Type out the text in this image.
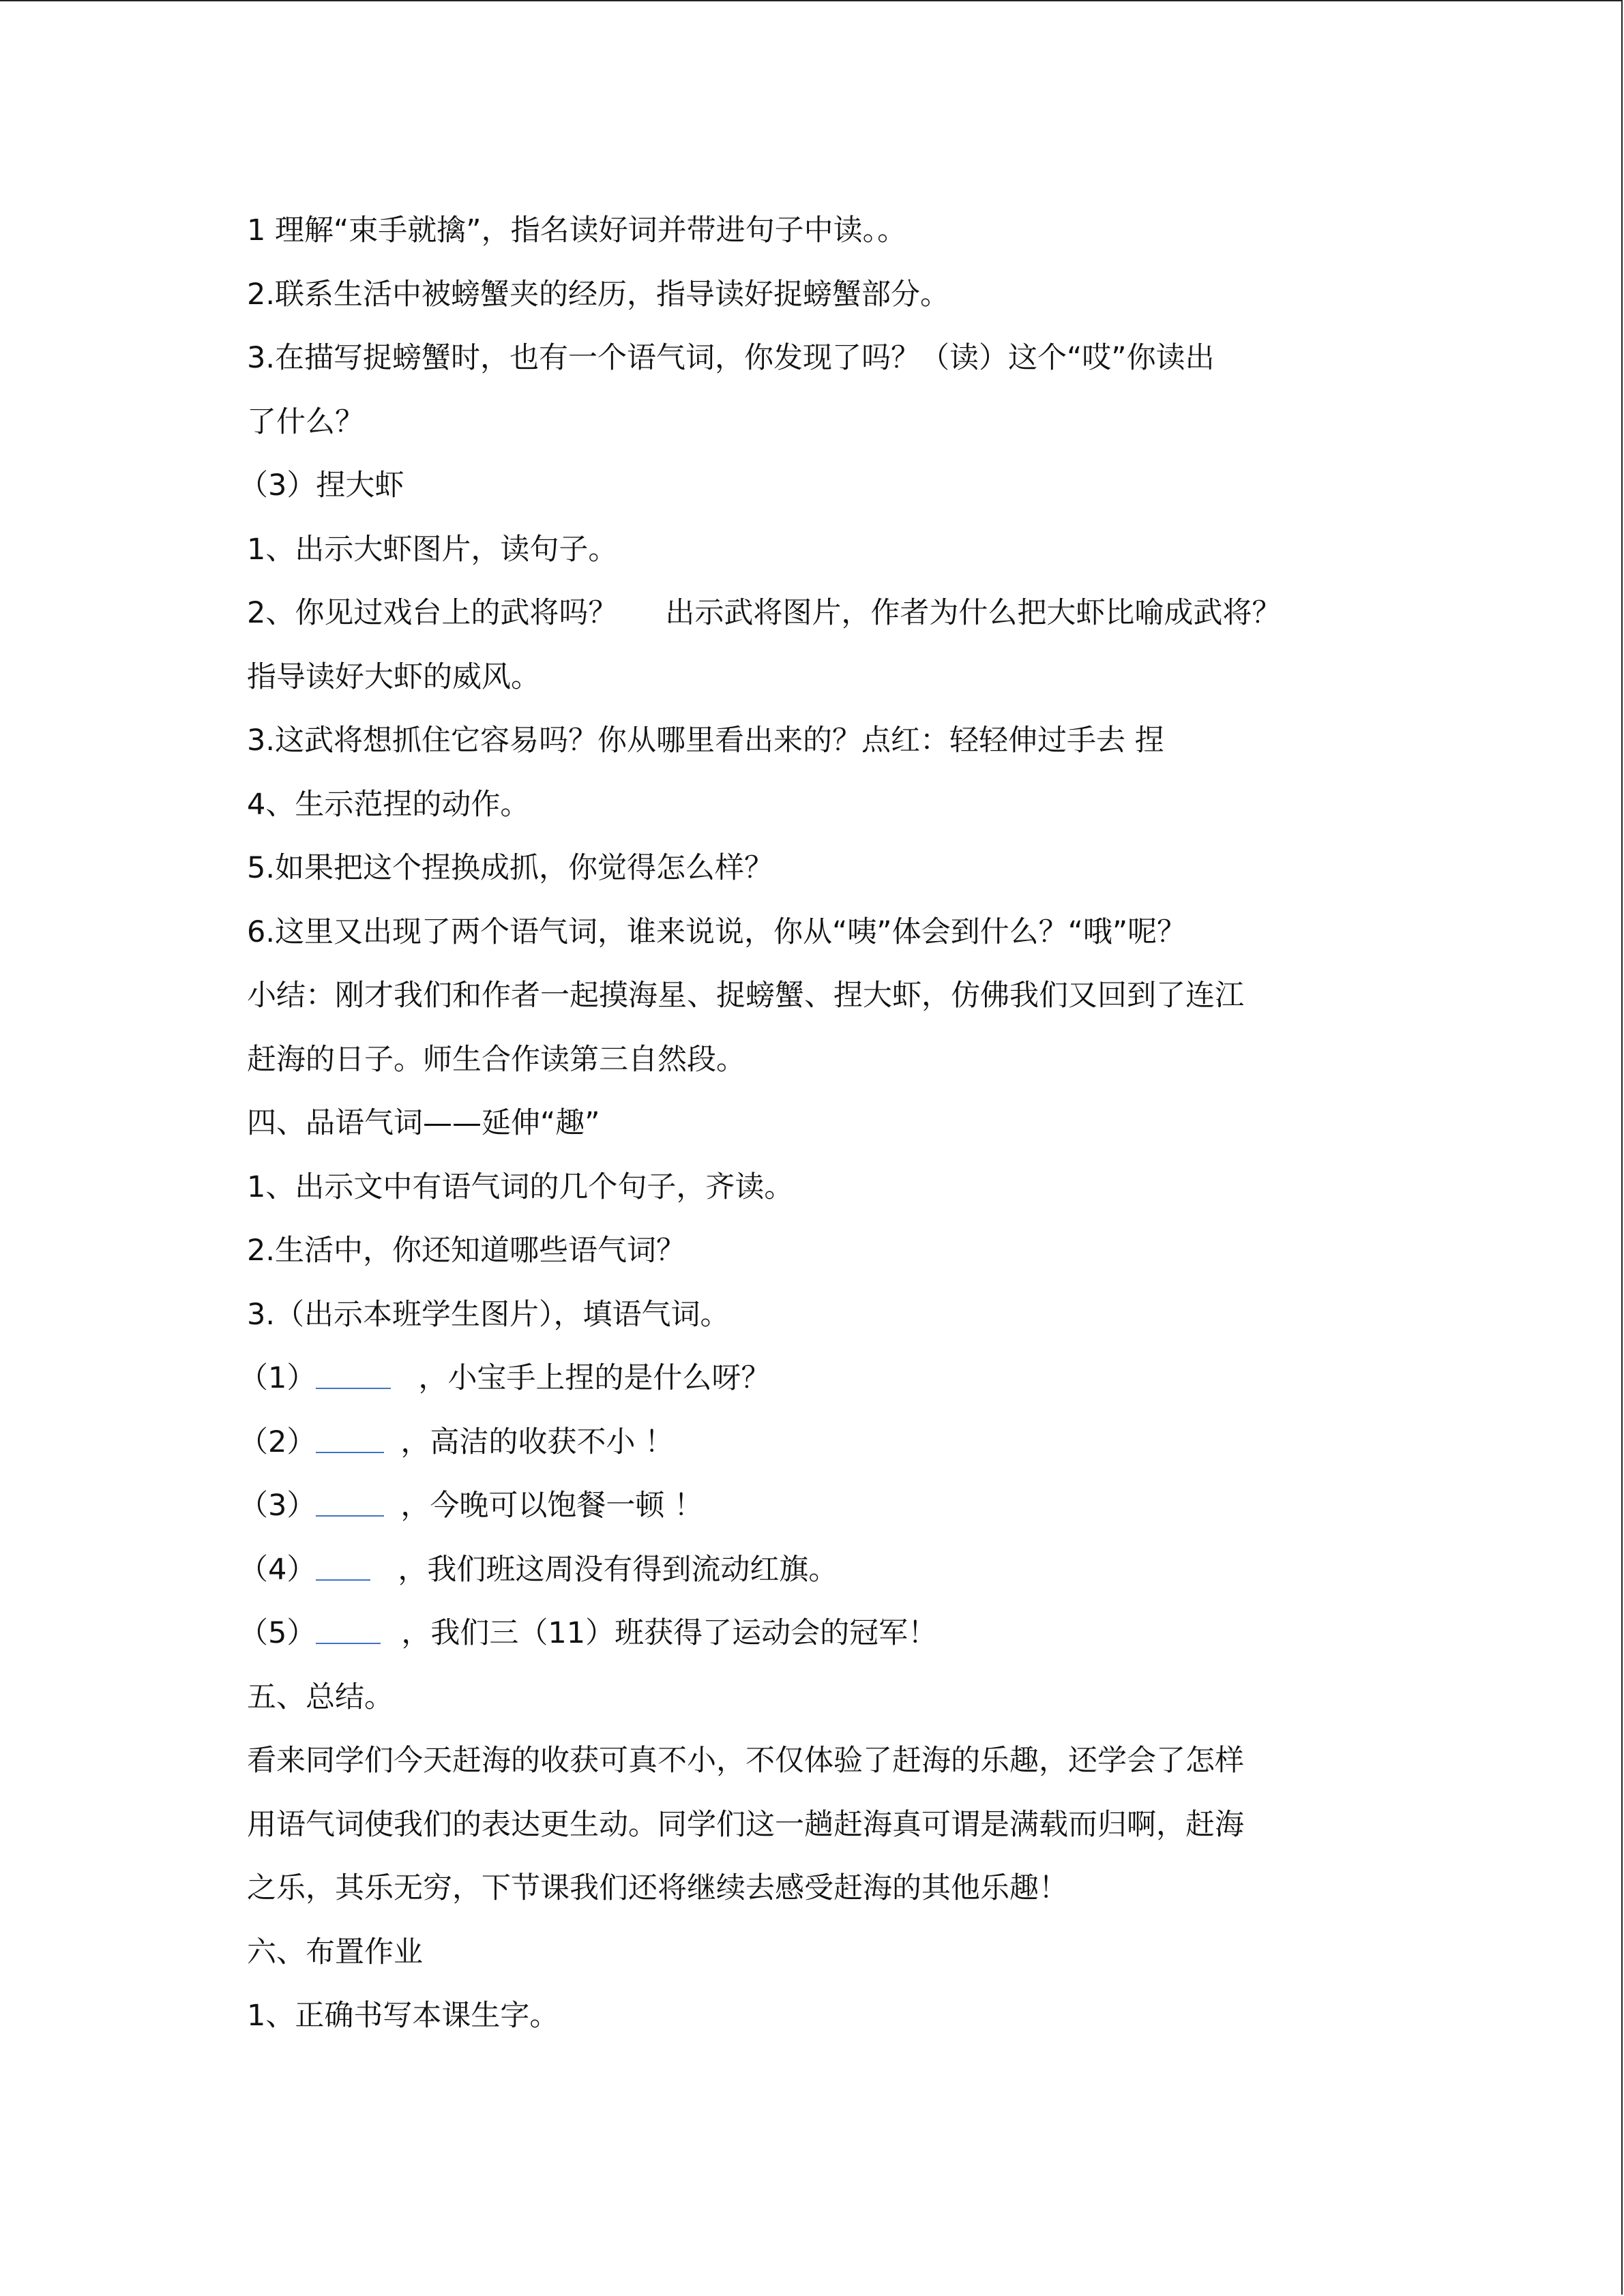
1 理解“束手就擒”，指名读好词并带进句子中读。。
2.联系生活中被螃蟹夹的经历，指导读好捉螃蟹部分。
3.在描写捉螃蟹时，也有一个语气词，你发现了吗？（读）这个“哎”你读出
了什么？
（3）捏大虾
1、出示大虾图片，读句子。
2、你见过戏台上的武将吗？ 出示武将图片，作者为什么把大虾比喻成武将？
指导读好大虾的威风。
3.这武将想抓住它容易吗？你从哪里看出来的？点红：轻轻伸过手去 捏
4、生示范捏的动作。
5.如果把这个捏换成抓，你觉得怎么样？
6.这里又出现了两个语气词，谁来说说，你从“咦”体会到什么？“哦”呢？
小结：刚才我们和作者一起摸海星、捉螃蟹、捏大虾，仿佛我们又回到了连江
赶海的日子。师生合作读第三自然段。
四、品语气词——延伸“趣”
1、出示文中有语气词的几个句子，齐读。
2.生活中，你还知道哪些语气词？
3.（出示本班学生图片），填语气词。
（1）	，小宝手上捏的是什么呀？
（2）	，高洁的收获不小 ！
（3）	，今晚可以饱餐一顿 ！
（4）	，我们班这周没有得到流动红旗。
（5）	，我们三（11）班获得了运动会的冠军！
五、总结。
看来同学们今天赶海的收获可真不小，不仅体验了赶海的乐趣，还学会了怎样
用语气词使我们的表达更生动。同学们这一趟赶海真可谓是满载而归啊，赶海
之乐，其乐无穷，下节课我们还将继续去感受赶海的其他乐趣！
六、布置作业
1、正确书写本课生字。
